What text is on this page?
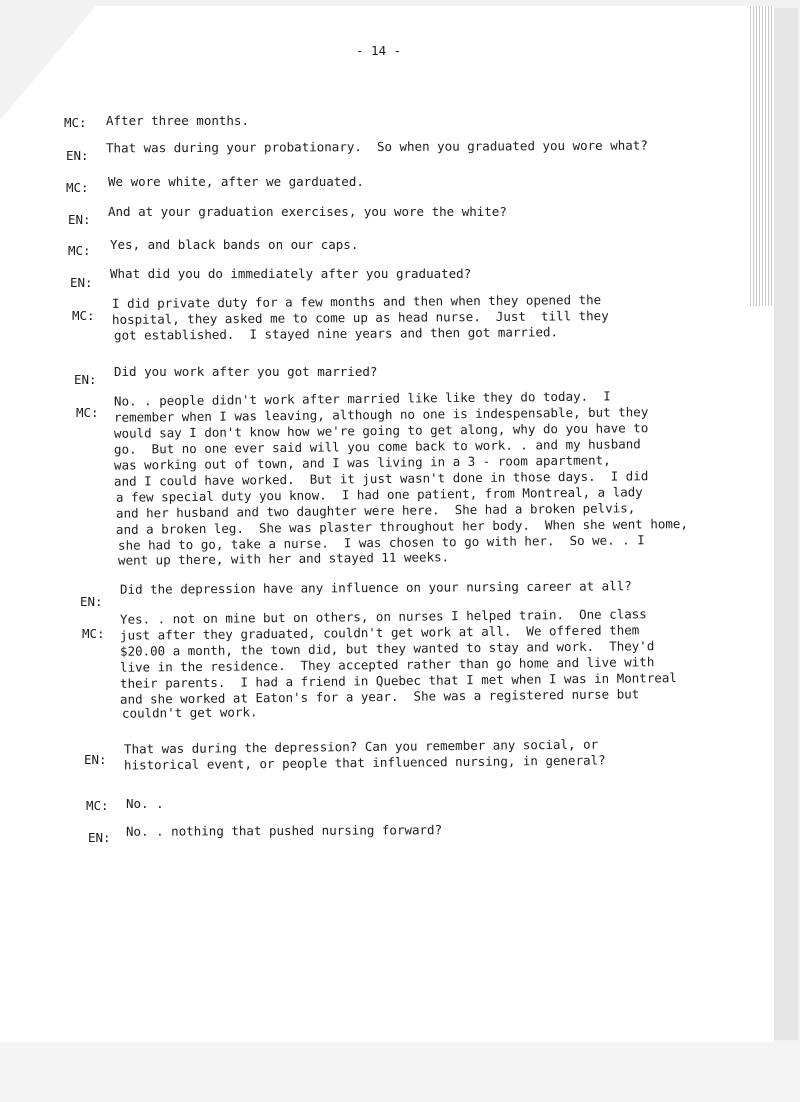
- 14 -
MC:
EN:
MC:
EN:
MC:
EN:
MC:
EN:
MC:
EN:
MC:
EN:
MC:
EN:
After three months.
That was during your probationary.  So when you graduated you wore what?
We wore white, after we garduated.
And at your graduation exercises, you wore the white?
Yes, and black bands on our caps.
What did you do immediately after you graduated?
I did private duty for a few months and then when they opened the
hospital, they asked me to come up as head nurse.  Just  till they
got established.  I stayed nine years and then got married.
Did you work after you got married?
No. . people didn't work after married like like they do today.  I
remember when I was leaving, although no one is indespensable, but they
would say I don't know how we're going to get along, why do you have to
go.  But no one ever said will you come back to work. . and my husband
was working out of town, and I was living in a 3 - room apartment,
and I could have worked.  But it just wasn't done in those days.  I did
a few special duty you know.  I had one patient, from Montreal, a lady
and her husband and two daughter were here.  She had a broken pelvis,
and a broken leg.  She was plaster throughout her body.  When she went home,
she had to go, take a nurse.  I was chosen to go with her.  So we. . I
went up there, with her and stayed 11 weeks.
Did the depression have any influence on your nursing career at all?
Yes. . not on mine but on others, on nurses I helped train.  One class
just after they graduated, couldn't get work at all.  We offered them
$20.00 a month, the town did, but they wanted to stay and work.  They'd
live in the residence.  They accepted rather than go home and live with
their parents.  I had a friend in Quebec that I met when I was in Montreal
and she worked at Eaton's for a year.  She was a registered nurse but
couldn't get work.
That was during the depression? Can you remember any social, or
historical event, or people that influenced nursing, in general?
No. .
No. . nothing that pushed nursing forward?
